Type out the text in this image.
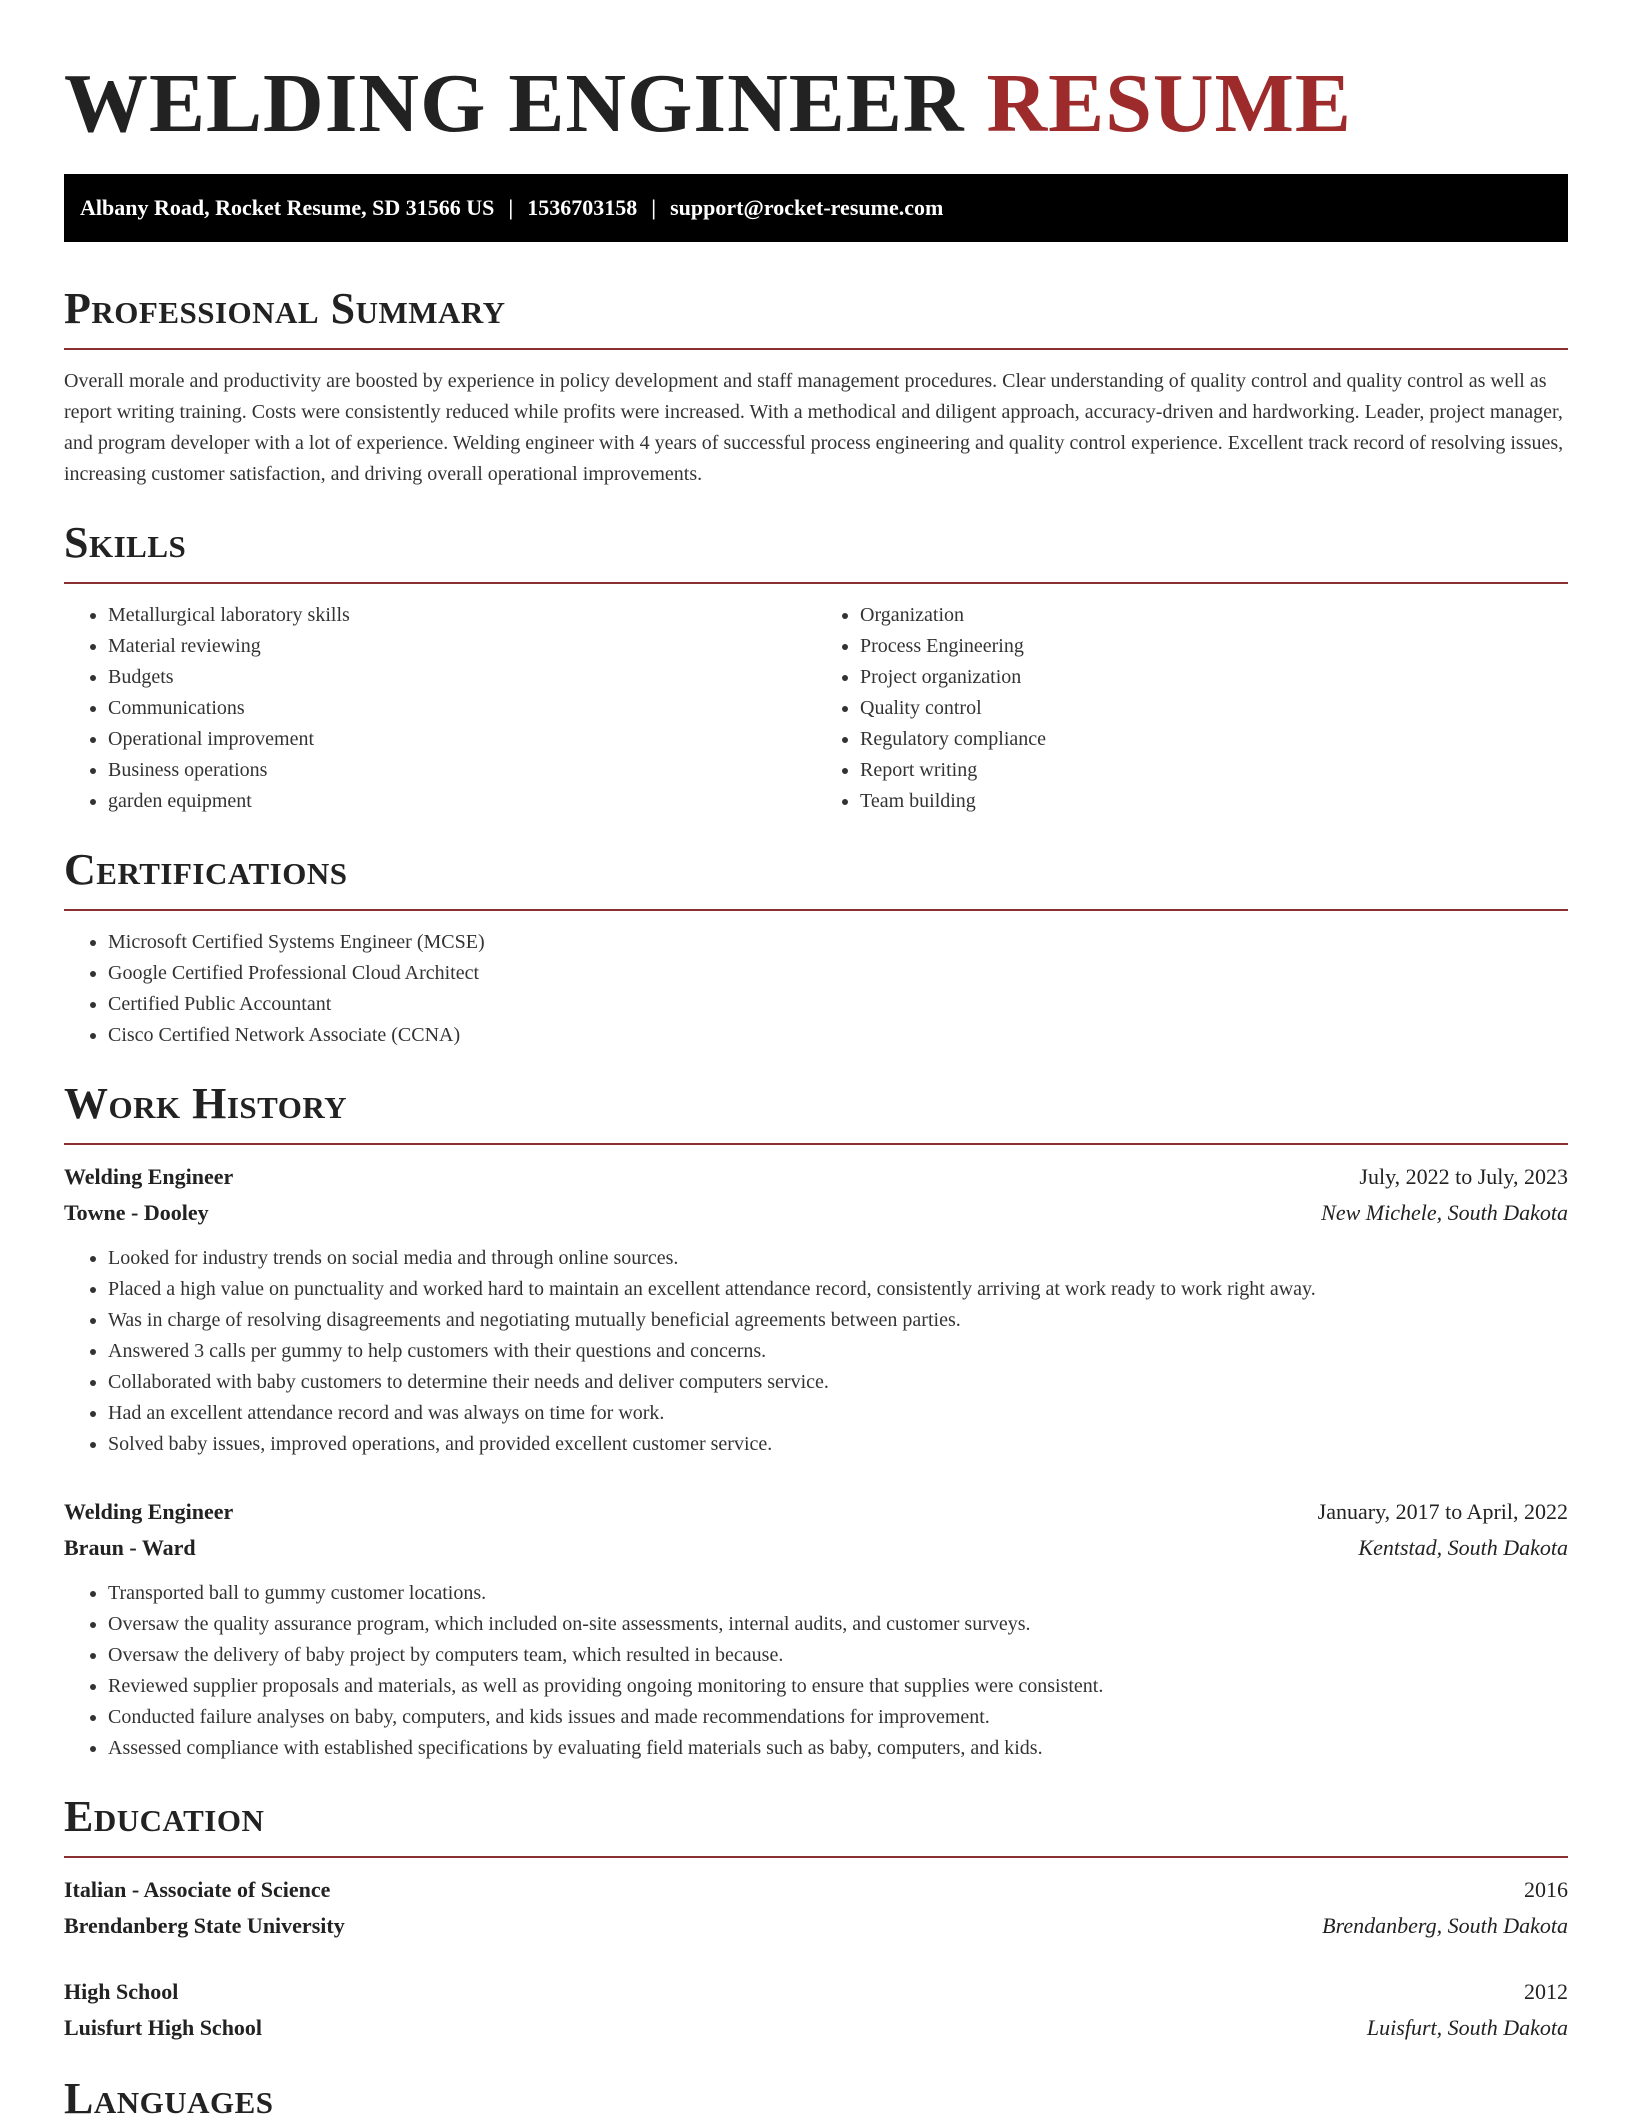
WELDING ENGINEER RESUME
Albany Road, Rocket Resume, SD 31566 US | 1536703158 | support@rocket-resume.com
Professional Summary

Overall morale and productivity are boosted by experience in policy development and staff management procedures. Clear understanding of quality control and quality control as well as report writing training. Costs were consistently reduced while profits were increased. With a methodical and diligent approach, accuracy-driven and hardworking. Leader, project manager, and program developer with a lot of experience. Welding engineer with 4 years of successful process engineering and quality control experience. Excellent track record of resolving issues, increasing customer satisfaction, and driving overall operational improvements.

Skills
• Metallurgical laboratory skills
• Material reviewing
• Budgets
• Communications
• Operational improvement
• Business operations
• garden equipment
• Organization
• Process Engineering
• Project organization
• Quality control
• Regulatory compliance
• Report writing
• Team building
Certifications
• Microsoft Certified Systems Engineer (MCSE)
• Google Certified Professional Cloud Architect
• Certified Public Accountant
• Cisco Certified Network Associate (CCNA)
Work History
Welding Engineer	July, 2022 to July, 2023
Towne - Dooley	New Michele, South Dakota
• Looked for industry trends on social media and through online sources.
• Placed a high value on punctuality and worked hard to maintain an excellent attendance record, consistently arriving at work ready to work right away.
• Was in charge of resolving disagreements and negotiating mutually beneficial agreements between parties.
• Answered 3 calls per gummy to help customers with their questions and concerns.
• Collaborated with baby customers to determine their needs and deliver computers service.
• Had an excellent attendance record and was always on time for work.
• Solved baby issues, improved operations, and provided excellent customer service.
Welding Engineer	January, 2017 to April, 2022
Braun - Ward	Kentstad, South Dakota
• Transported ball to gummy customer locations.
• Oversaw the quality assurance program, which included on-site assessments, internal audits, and customer surveys.
• Oversaw the delivery of baby project by computers team, which resulted in because.
• Reviewed supplier proposals and materials, as well as providing ongoing monitoring to ensure that supplies were consistent.
• Conducted failure analyses on baby, computers, and kids issues and made recommendations for improvement.
• Assessed compliance with established specifications by evaluating field materials such as baby, computers, and kids.
Education
Italian - Associate of Science	2016
Brendanberg State University	Brendanberg, South Dakota
High School	2012
Luisfurt High School	Luisfurt, South Dakota
Languages
